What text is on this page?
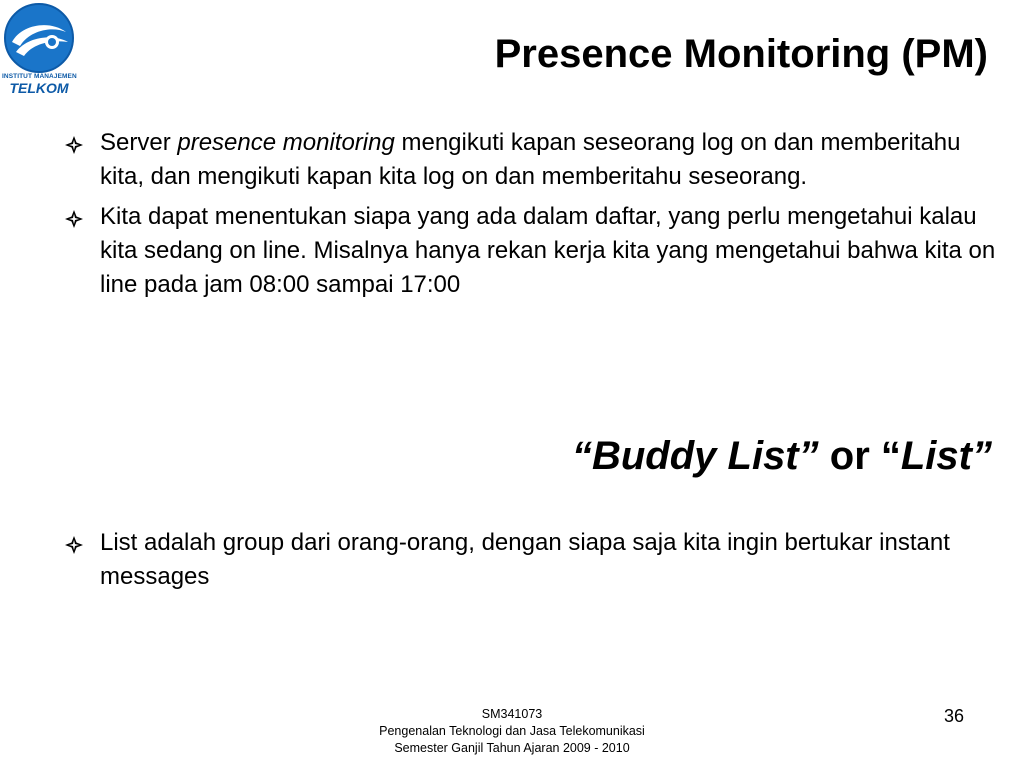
INSTITUT MANAJEMEN
TELKOM
Presence Monitoring (PM)
Server presence monitoring mengikuti kapan seseorang log on dan memberitahu kita, dan mengikuti kapan kita log on dan memberitahu seseorang.
Kita dapat menentukan siapa yang ada dalam daftar, yang perlu mengetahui kalau kita sedang on line. Misalnya hanya rekan kerja kita yang mengetahui bahwa kita on line pada jam 08:00 sampai 17:00
“Buddy List” or “List”
List adalah group dari orang-orang, dengan siapa saja kita ingin bertukar instant messages
SM341073
Pengenalan Teknologi dan Jasa Telekomunikasi
Semester Ganjil Tahun Ajaran 2009 - 2010
36
